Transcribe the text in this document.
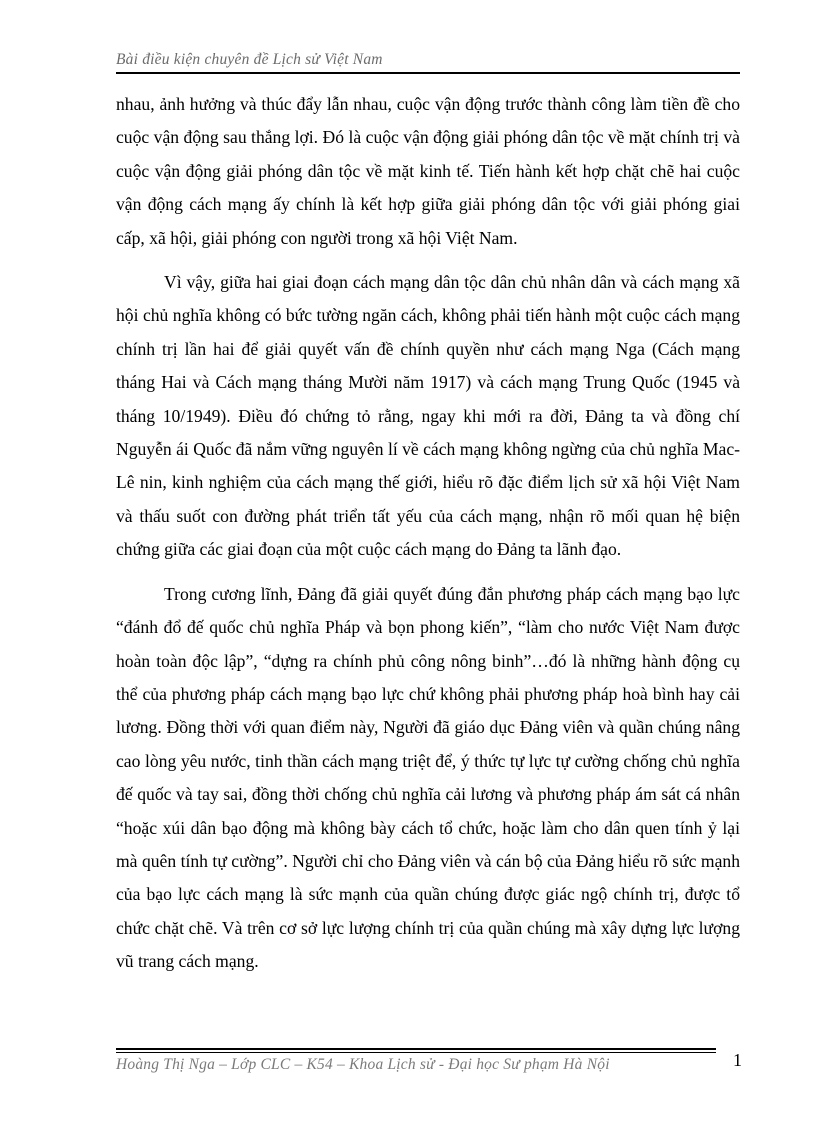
Bài điều kiện chuyên đề Lịch sử Việt Nam

nhau, ảnh hưởng và thúc đẩy lẫn nhau, cuộc vận động trước thành công làm tiền đề cho cuộc vận động sau thắng lợi. Đó là cuộc vận động giải phóng dân tộc về mặt chính trị và cuộc vận động giải phóng dân tộc về mặt kinh tế. Tiến hành kết hợp chặt chẽ hai cuộc vận động cách mạng ấy chính là kết hợp giữa giải phóng dân tộc với giải phóng giai cấp, xã hội, giải phóng con người trong xã hội Việt Nam.

Vì vậy, giữa hai giai đoạn cách mạng dân tộc dân chủ nhân dân và cách mạng xã hội chủ nghĩa không có bức tường ngăn cách, không phải tiến hành một cuộc cách mạng chính trị lần hai để giải quyết vấn đề chính quyền như cách mạng Nga (Cách mạng tháng Hai và Cách mạng tháng Mười năm 1917) và cách mạng Trung Quốc (1945 và tháng 10/1949). Điều đó chứng tỏ rằng, ngay khi mới ra đời, Đảng ta và đồng chí Nguyễn ái Quốc đã nắm vững nguyên lí về cách mạng không ngừng của chủ nghĩa Mac- Lê nin, kinh nghiệm của cách mạng thế giới, hiểu rõ đặc điểm lịch sử xã hội Việt Nam và thấu suốt con đường phát triển tất yếu của cách mạng, nhận rõ mối quan hệ biện chứng giữa các giai đoạn của một cuộc cách mạng do Đảng ta lãnh đạo.

Trong cương lĩnh, Đảng đã giải quyết đúng đắn phương pháp cách mạng bạo lực “đánh đổ đế quốc chủ nghĩa Pháp và bọn phong kiến”, “làm cho nước Việt Nam được hoàn toàn độc lập”, “dựng ra chính phủ công nông binh”…đó là những hành động cụ thể của phương pháp cách mạng bạo lực chứ không phải phương pháp hoà bình hay cải lương. Đồng thời với quan điểm này, Người đã giáo dục Đảng viên và quần chúng nâng cao lòng yêu nước, tinh thần cách mạng triệt để, ý thức tự lực tự cường chống chủ nghĩa đế quốc và tay sai, đồng thời chống chủ nghĩa cải lương và phương pháp ám sát cá nhân “hoặc xúi dân bạo động mà không bày cách tổ chức, hoặc làm cho dân quen tính ỷ lại mà quên tính tự cường”. Người chỉ cho Đảng viên và cán bộ của Đảng hiểu rõ sức mạnh của bạo lực cách mạng là sức mạnh của quần chúng được giác ngộ chính trị, được tổ chức chặt chẽ. Và trên cơ sở lực lượng chính trị của quần chúng mà xây dựng lực lượng vũ trang cách mạng.

Hoàng Thị Nga – Lớp CLC – K54 – Khoa Lịch sử - Đại học Sư phạm Hà Nội	1
